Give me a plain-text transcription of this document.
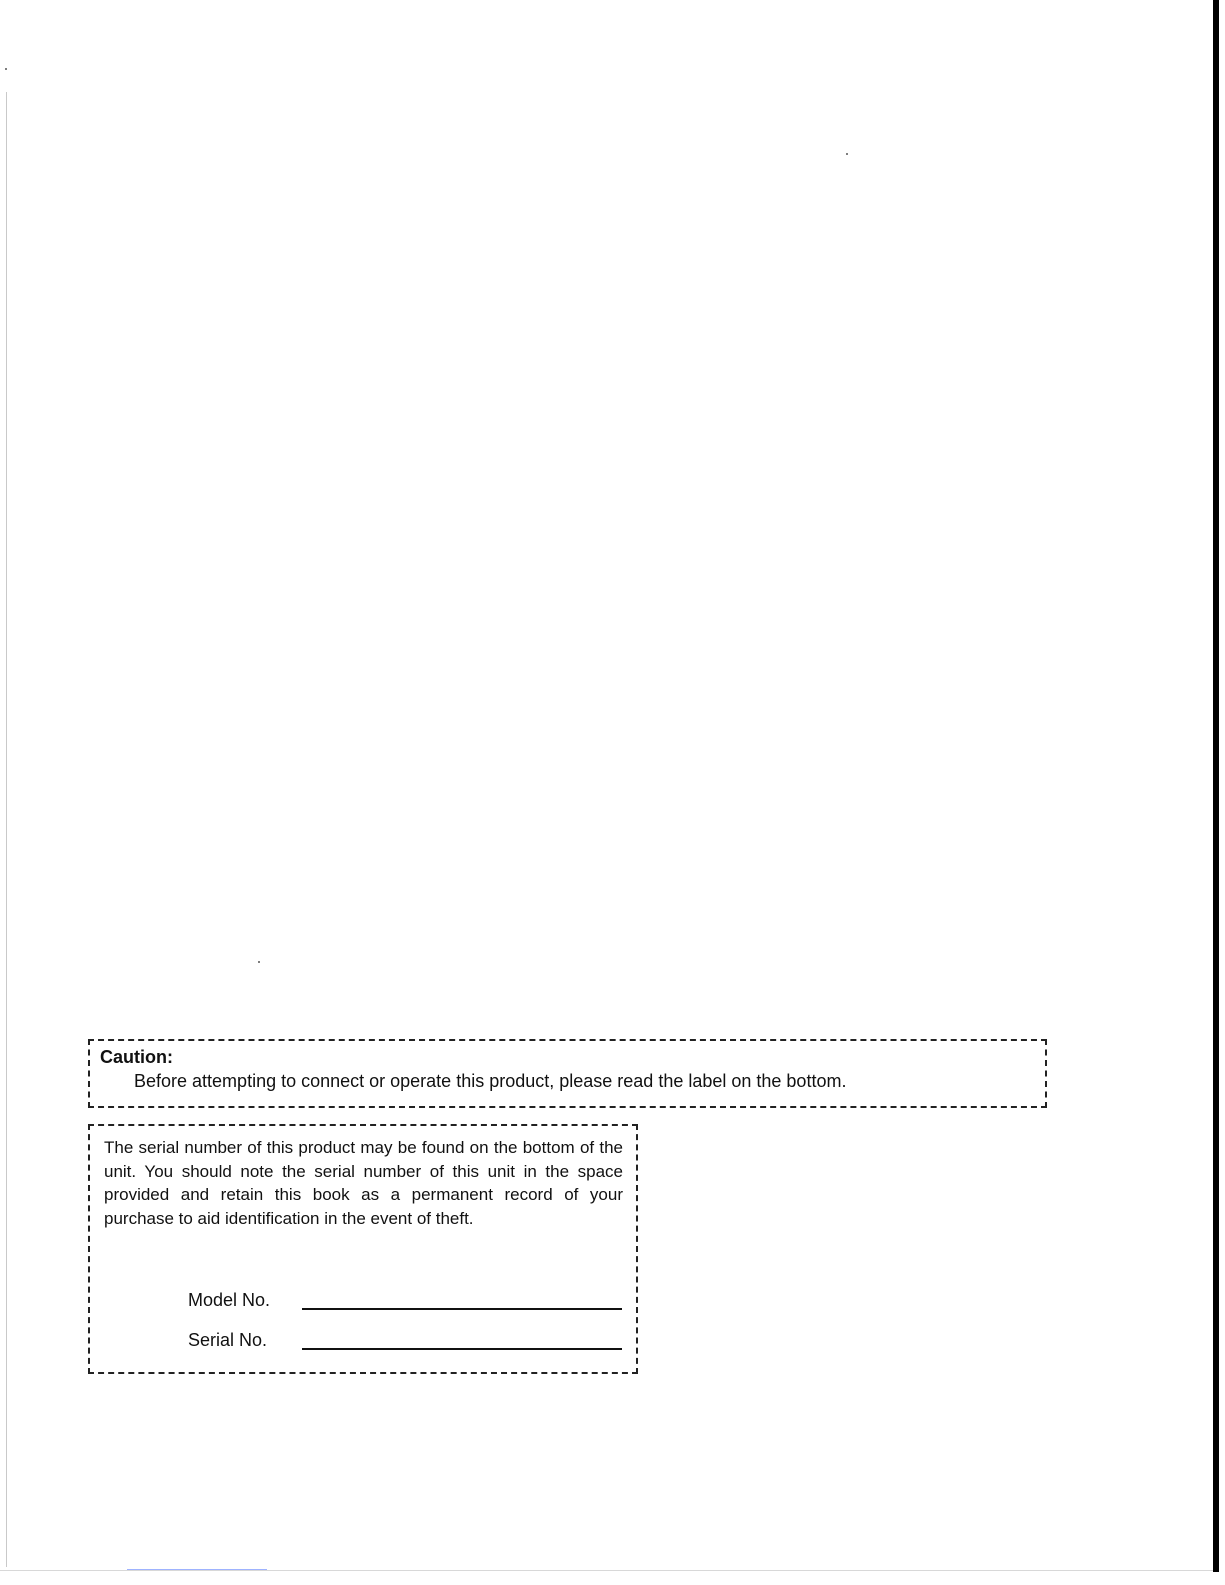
Caution:

Before attempting to connect or operate this product, please read the label on the bottom.

The serial number of this product may be found on the bottom of the unit. You should note the serial number of this unit in the space provided and retain this book as a permanent record of your purchase to aid identification in the event of theft.

Model No.
Serial No.
